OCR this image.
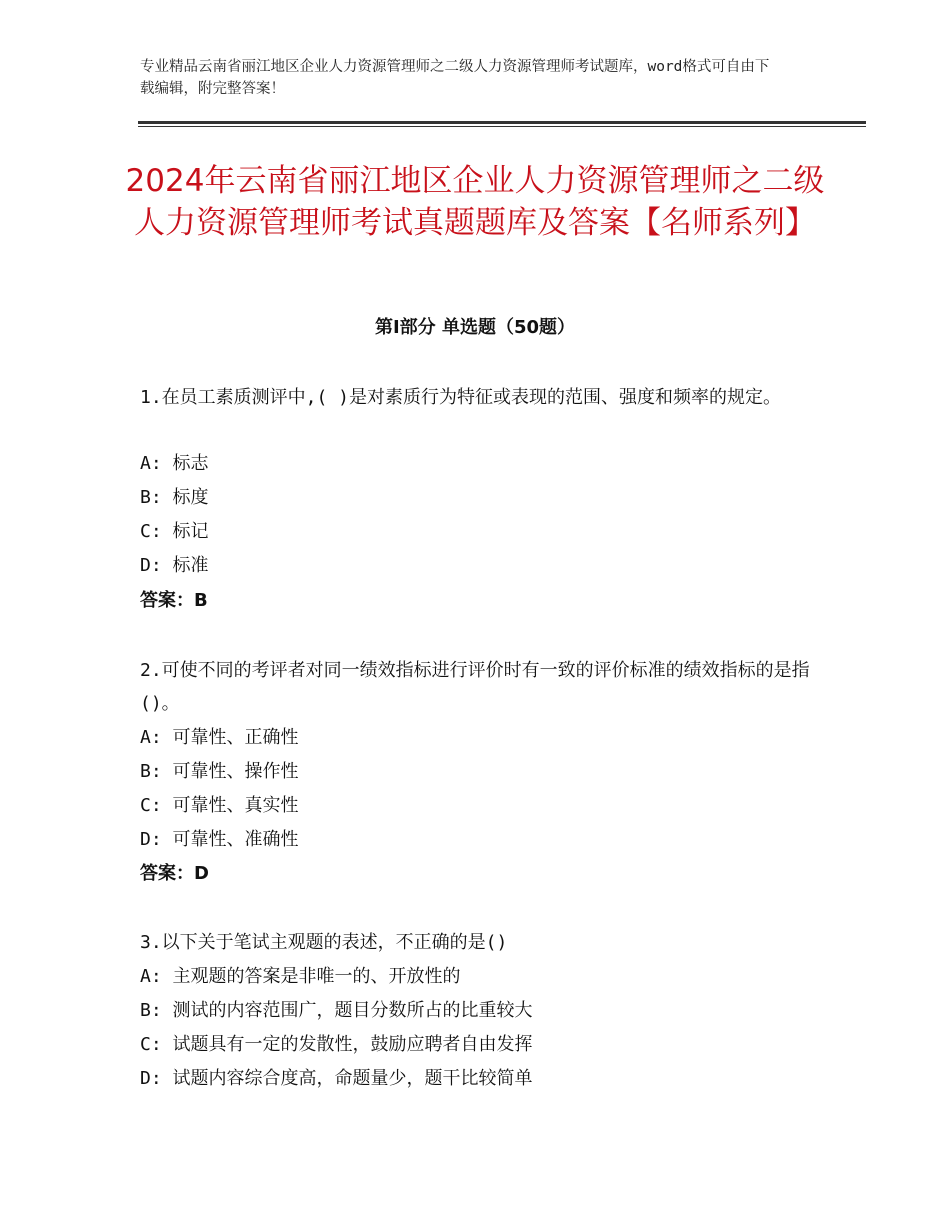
专业精品云南省丽江地区企业人力资源管理师之二级人力资源管理师考试题库，word格式可自由下载编辑，附完整答案！
2024年云南省丽江地区企业人力资源管理师之二级人力资源管理师考试真题题库及答案【名师系列】
第Ⅰ部分 单选题（50题）
1.在员工素质测评中,( )是对素质行为特征或表现的范围、强度和频率的规定。
A: 标志
B: 标度
C: 标记
D: 标准
答案：B
2.可使不同的考评者对同一绩效指标进行评价时有一致的评价标准的绩效指标的是指()。
A: 可靠性、正确性
B: 可靠性、操作性
C: 可靠性、真实性
D: 可靠性、准确性
答案：D
3.以下关于笔试主观题的表述，不正确的是()
A: 主观题的答案是非唯一的、开放性的
B: 测试的内容范围广，题目分数所占的比重较大
C: 试题具有一定的发散性，鼓励应聘者自由发挥
D: 试题内容综合度高，命题量少，题干比较简单
